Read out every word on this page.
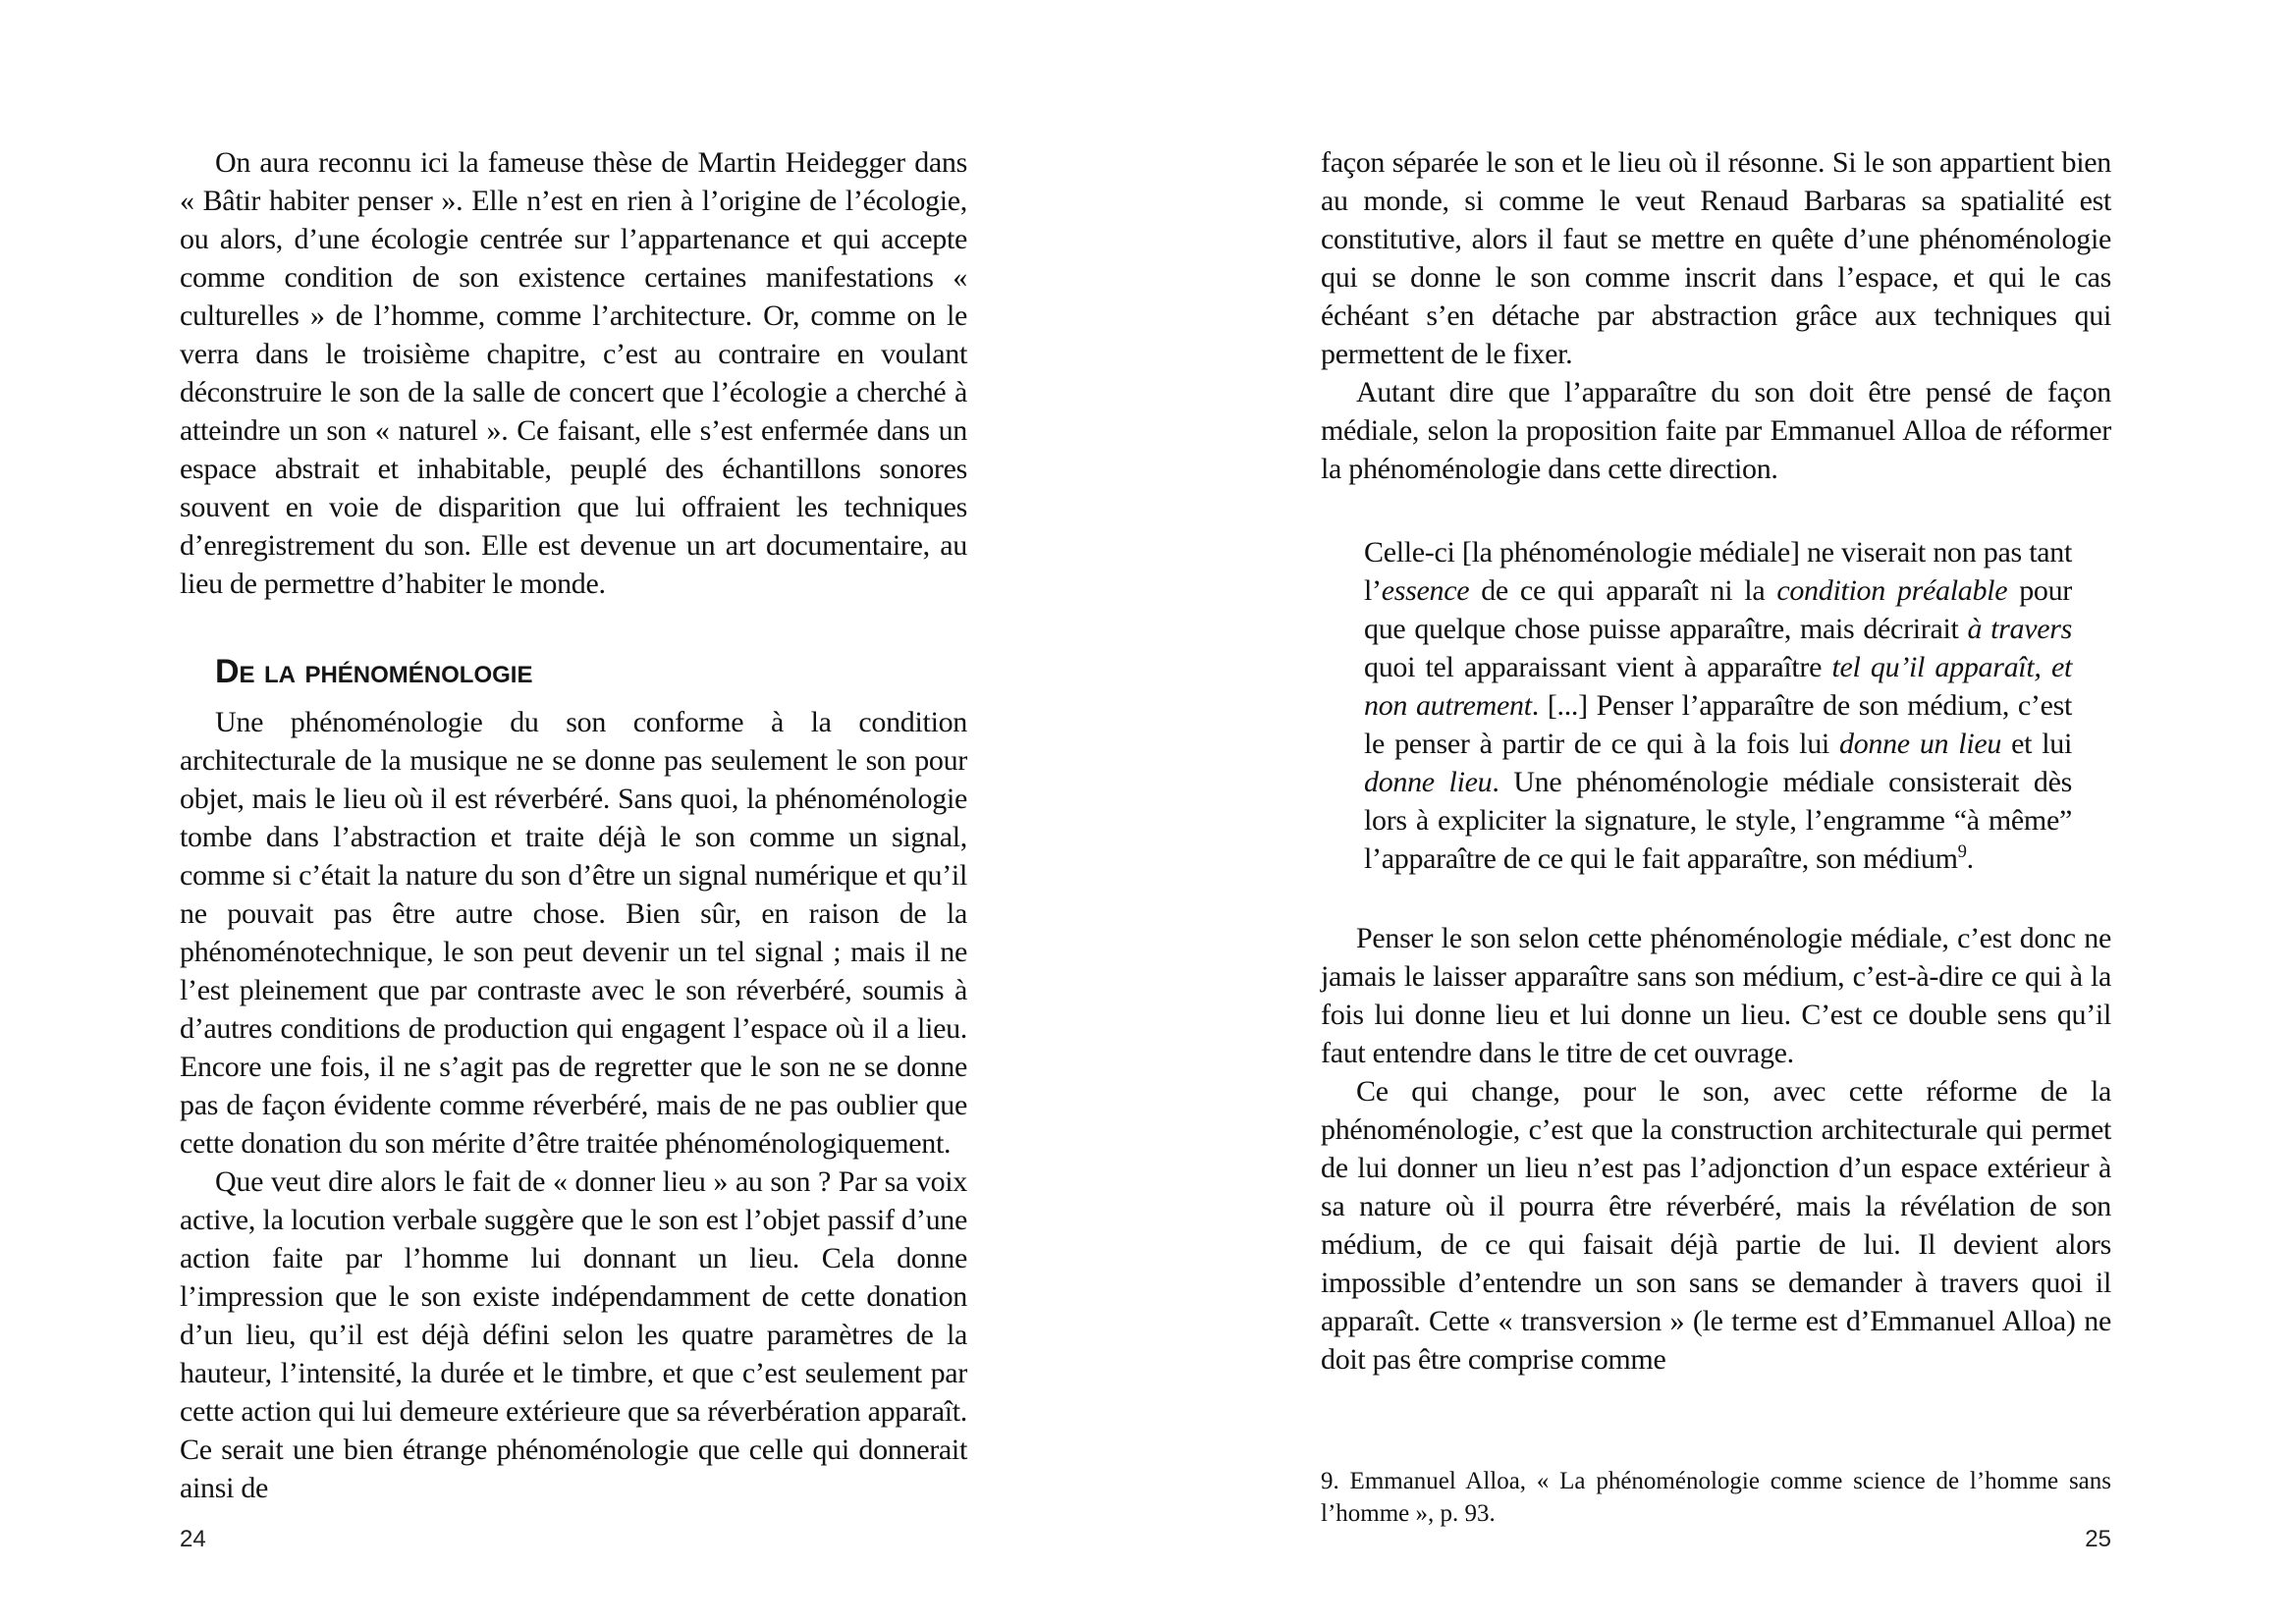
On aura reconnu ici la fameuse thèse de Martin Heidegger dans « Bâtir habiter penser ». Elle n’est en rien à l’origine de l’écologie, ou alors, d’une écologie centrée sur l’appartenance et qui accepte comme condition de son existence certaines manifestations « culturelles » de l’homme, comme l’architecture. Or, comme on le verra dans le troisième chapitre, c’est au contraire en voulant déconstruire le son de la salle de concert que l’écologie a cherché à atteindre un son « naturel ». Ce faisant, elle s’est enfermée dans un espace abstrait et inhabitable, peuplé des échantillons sonores souvent en voie de disparition que lui offraient les techniques d’enregistrement du son. Elle est devenue un art documentaire, au lieu de permettre d’habiter le monde.

De la phénoménologie

Une phénoménologie du son conforme à la condition architecturale de la musique ne se donne pas seulement le son pour objet, mais le lieu où il est réverbéré. Sans quoi, la phénoménologie tombe dans l’abstraction et traite déjà le son comme un signal, comme si c’était la nature du son d’être un signal numérique et qu’il ne pouvait pas être autre chose. Bien sûr, en raison de la phénoménotechnique, le son peut devenir un tel signal ; mais il ne l’est pleinement que par contraste avec le son réverbéré, soumis à d’autres conditions de production qui engagent l’espace où il a lieu. Encore une fois, il ne s’agit pas de regretter que le son ne se donne pas de façon évidente comme réverbéré, mais de ne pas oublier que cette donation du son mérite d’être traitée phénoménologiquement.

Que veut dire alors le fait de « donner lieu » au son ? Par sa voix active, la locution verbale suggère que le son est l’objet passif d’une action faite par l’homme lui donnant un lieu. Cela donne l’impression que le son existe indépendamment de cette donation d’un lieu, qu’il est déjà défini selon les quatre paramètres de la hauteur, l’intensité, la durée et le timbre, et que c’est seulement par cette action qui lui demeure extérieure que sa réverbération apparaît. Ce serait une bien étrange phénoménologie que celle qui donnerait ainsi de

façon séparée le son et le lieu où il résonne. Si le son appartient bien au monde, si comme le veut Renaud Barbaras sa spatialité est constitutive, alors il faut se mettre en quête d’une phénoménologie qui se donne le son comme inscrit dans l’espace, et qui le cas échéant s’en détache par abstraction grâce aux techniques qui permettent de le fixer.

Autant dire que l’apparaître du son doit être pensé de façon médiale, selon la proposition faite par Emmanuel Alloa de réformer la phénoménologie dans cette direction.

Celle-ci [la phénoménologie médiale] ne viserait non pas tant l’essence de ce qui apparaît ni la condition préalable pour que quelque chose puisse apparaître, mais décrirait à travers quoi tel apparaissant vient à apparaître tel qu’il apparaît, et non autrement. [...] Penser l’apparaître de son médium, c’est le penser à partir de ce qui à la fois lui donne un lieu et lui donne lieu. Une phénoménologie médiale consisterait dès lors à expliciter la signature, le style, l’engramme “à même” l’apparaître de ce qui le fait apparaître, son médium$^9$.

Penser le son selon cette phénoménologie médiale, c’est donc ne jamais le laisser apparaître sans son médium, c’est-à-dire ce qui à la fois lui donne lieu et lui donne un lieu. C’est ce double sens qu’il faut entendre dans le titre de cet ouvrage.

Ce qui change, pour le son, avec cette réforme de la phénoménologie, c’est que la construction architecturale qui permet de lui donner un lieu n’est pas l’adjonction d’un espace extérieur à sa nature où il pourra être réverbéré, mais la révélation de son médium, de ce qui faisait déjà partie de lui. Il devient alors impossible d’entendre un son sans se demander à travers quoi il apparaît. Cette « transversion » (le terme est d’Emmanuel Alloa) ne doit pas être comprise comme

9. Emmanuel Alloa, « La phénoménologie comme science de l’homme sans l’homme », p. 93.
24	25
